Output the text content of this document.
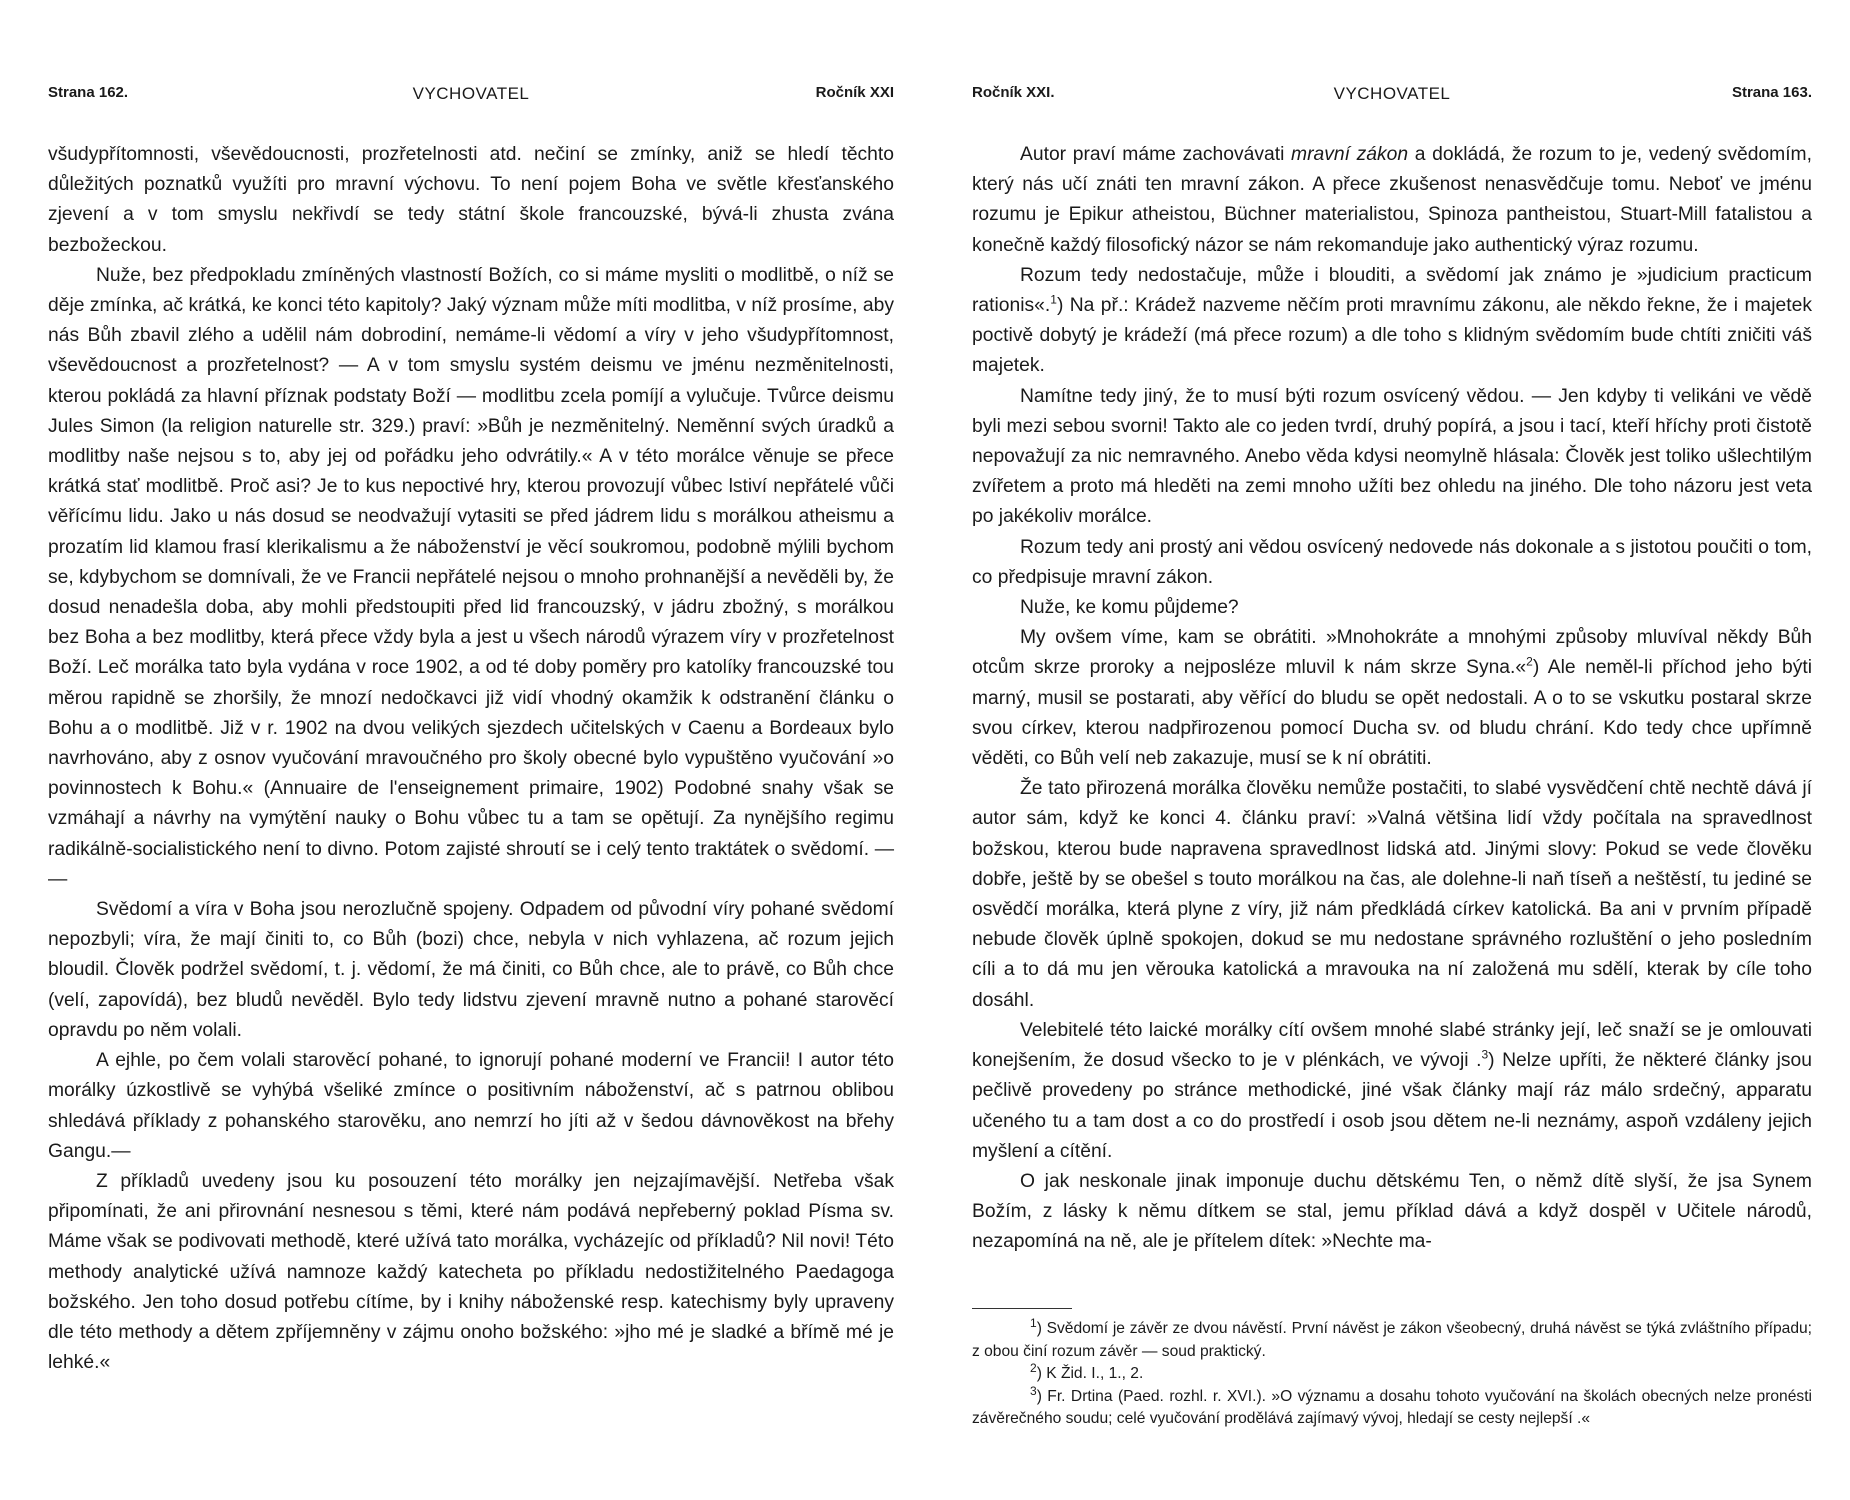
Strana 162.	VYCHOVATEL	Ročník XXI

všudypřítomnosti, vševědoucnosti, prozřetelnosti atd. nečiní se zmínky, aniž se hledí těchto důležitých poznatků využíti pro mravní výchovu. To není pojem Boha ve světle křesťanského zjevení a v tom smyslu nekřivdí se tedy státní škole francouzské, bývá-li zhusta zvána bezbožeckou.

Nuže, bez předpokladu zmíněných vlastností Božích, co si máme mysliti o modlitbě, o níž se děje zmínka, ač krátká, ke konci této kapitoly? Jaký význam může míti modlitba, v níž prosíme, aby nás Bůh zbavil zlého a udělil nám dobrodiní, nemáme-li vědomí a víry v jeho všudypřítomnost, vševědoucnost a prozřetelnost? — A v tom smyslu systém deismu ve jménu nezměnitelnosti, kterou pokládá za hlavní příznak podstaty Boží — modlitbu zcela pomíjí a vylučuje. Tvůrce deismu Jules Simon (la religion naturelle str. 329.) praví: »Bůh je nezměnitelný. Neměnní svých úradků a modlitby naše nejsou s to, aby jej od pořádku jeho odvrátily.« A v této morálce věnuje se přece krátká stať modlitbě. Proč asi? Je to kus nepoctivé hry, kterou provozují vůbec lstiví nepřátelé vůči věřícímu lidu. Jako u nás dosud se neodvažují vytasiti se před jádrem lidu s morálkou atheismu a prozatím lid klamou frasí klerikalismu a že náboženství je věcí soukromou, podobně mýlili bychom se, kdybychom se domnívali, že ve Francii nepřátelé nejsou o mnoho prohnanější a nevěděli by, že dosud nenadešla doba, aby mohli předstoupiti před lid francouzský, v jádru zbožný, s morálkou bez Boha a bez modlitby, která přece vždy byla a jest u všech národů výrazem víry v prozřetelnost Boží. Leč morálka tato byla vydána v roce 1902, a od té doby poměry pro katolíky francouzské tou měrou rapidně se zhoršily, že mnozí nedočkavci již vidí vhodný okamžik k odstranění článku o Bohu a o modlitbě. Již v r. 1902 na dvou velikých sjezdech učitelských v Caenu a Bordeaux bylo navrhováno, aby z osnov vyučování mravoučného pro školy obecné bylo vypuštěno vyučování »o povinnostech k Bohu.« (Annuaire de l'enseignement primaire, 1902) Podobné snahy však se vzmáhají a návrhy na vymýtění nauky o Bohu vůbec tu a tam se opětují. Za nynějšího regimu radikálně-socialistického není to divno. Potom zajisté shroutí se i celý tento traktátek o svědomí. — —

Svědomí a víra v Boha jsou nerozlučně spojeny. Odpadem od původní víry pohané svědomí nepozbyli; víra, že mají činiti to, co Bůh (bozi) chce, nebyla v nich vyhlazena, ač rozum jejich bloudil. Člověk podržel svědomí, t. j. vědomí, že má činiti, co Bůh chce, ale to právě, co Bůh chce (velí, zapovídá), bez bludů nevěděl. Bylo tedy lidstvu zjevení mravně nutno a pohané starověcí opravdu po něm volali.

A ejhle, po čem volali starověcí pohané, to ignorují pohané moderní ve Francii! I autor této morálky úzkostlivě se vyhýbá všeliké zmínce o positivním náboženství, ač s patrnou oblibou shledává příklady z pohanského starověku, ano nemrzí ho jíti až v šedou dávnověkost na břehy Gangu.—

Z příkladů uvedeny jsou ku posouzení této morálky jen nejzajímavější. Netřeba však připomínati, že ani přirovnání nesnesou s těmi, které nám podává nepřeberný poklad Písma sv. Máme však se podivovati methodě, které užívá tato morálka, vycházejíc od příkladů? Nil novi! Této methody analytické užívá namnoze každý katecheta po příkladu nedostižitelného Paedagoga božského. Jen toho dosud potřebu cítíme, by i knihy náboženské resp. katechismy byly upraveny dle této methody a dětem zpříjemněny v zájmu onoho božského: »jho mé je sladké a břímě mé je lehké.«

Ročník XXI.	VYCHOVATEL	Strana 163.

Autor praví máme zachovávati mravní zákon a dokládá, že rozum to je, vedený svědomím, který nás učí znáti ten mravní zákon. A přece zkušenost nenasvědčuje tomu. Neboť ve jménu rozumu je Epikur atheistou, Büchner materialistou, Spinoza pantheistou, Stuart-Mill fatalistou a konečně každý filosofický názor se nám rekomanduje jako authentický výraz rozumu.

Rozum tedy nedostačuje, může i blouditi, a svědomí jak známo je »judicium practicum rationis«.$^1$) Na př.: Krádež nazveme něčím proti mravnímu zákonu, ale někdo řekne, že i majetek poctivě dobytý je krádeží (má přece rozum) a dle toho s klidným svědomím bude chtíti zničiti váš majetek.

Namítne tedy jiný, že to musí býti rozum osvícený vědou. — Jen kdyby ti velikáni ve vědě byli mezi sebou svorni! Takto ale co jeden tvrdí, druhý popírá, a jsou i tací, kteří hříchy proti čistotě nepovažují za nic nemravného. Anebo věda kdysi neomylně hlásala: Člověk jest toliko ušlechtilým zvířetem a proto má hleděti na zemi mnoho užíti bez ohledu na jiného. Dle toho názoru jest veta po jakékoliv morálce.

Rozum tedy ani prostý ani vědou osvícený nedovede nás dokonale a s jistotou poučiti o tom, co předpisuje mravní zákon.

Nuže, ke komu půjdeme?

My ovšem víme, kam se obrátiti. »Mnohokráte a mnohými způsoby mluvíval někdy Bůh otcům skrze proroky a nejposléze mluvil k nám skrze Syna.«$^2$) Ale neměl-li příchod jeho býti marný, musil se postarati, aby věřící do bludu se opět nedostali. A o to se vskutku postaral skrze svou církev, kterou nadpřirozenou pomocí Ducha sv. od bludu chrání. Kdo tedy chce upřímně věděti, co Bůh velí neb zakazuje, musí se k ní obrátiti.

Že tato přirozená morálka člověku nemůže postačiti, to slabé vysvědčení chtě nechtě dává jí autor sám, když ke konci 4. článku praví: »Valná většina lidí vždy počítala na spravedlnost božskou, kterou bude napravena spravedlnost lidská atd. Jinými slovy: Pokud se vede člověku dobře, ještě by se obešel s touto morálkou na čas, ale dolehne-li naň tíseň a neštěstí, tu jediné se osvědčí morálka, která plyne z víry, již nám předkládá církev katolická. Ba ani v prvním případě nebude člověk úplně spokojen, dokud se mu nedostane správného rozluštění o jeho posledním cíli a to dá mu jen věrouka katolická a mravouka na ní založená mu sdělí, kterak by cíle toho dosáhl.

Velebitelé této laické morálky cítí ovšem mnohé slabé stránky její, leč snaží se je omlouvati konejšením, že dosud všecko to je v plénkách, ve vývoji .$^3$) Nelze upříti, že některé články jsou pečlivě provedeny po stránce methodické, jiné však články mají ráz málo srdečný, apparatu učeného tu a tam dost a co do prostředí i osob jsou dětem ne-li neznámy, aspoň vzdáleny jejich myšlení a cítění.

O jak neskonale jinak imponuje duchu dětskému Ten, o němž dítě slyší, že jsa Synem Božím, z lásky k němu dítkem se stal, jemu příklad dává a když dospěl v Učitele národů, nezapomíná na ně, ale je přítelem dítek: »Nechte ma-

$^1$) Svědomí je závěr ze dvou návěstí. První návěst je zákon všeobecný, druhá návěst se týká zvláštního případu; z obou činí rozum závěr — soud praktický.

$^2$) K Žid. I., 1., 2.

$^3$) Fr. Drtina (Paed. rozhl. r. XVI.). »O významu a dosahu tohoto vyučování na školách obecných nelze pronésti závěrečného soudu; celé vyučování prodělává zajímavý vývoj, hledají se cesty nejlepší .«
